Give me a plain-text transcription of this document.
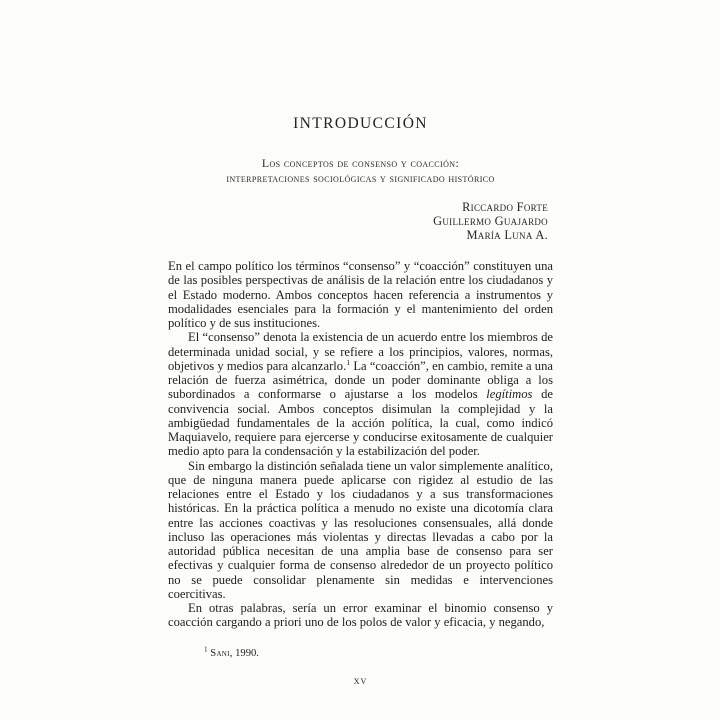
INTRODUCCIÓN
Los conceptos de consenso y coacción:
interpretaciones sociológicas y significado histórico
Riccardo Forte
Guillermo Guajardo
María Luna A.

En el campo político los términos “consenso” y “coacción” constituyen una de las posibles perspectivas de análisis de la relación entre los ciudadanos y el Estado moderno. Ambos conceptos hacen referencia a instrumentos y modalidades esenciales para la formación y el mantenimiento del orden político y de sus instituciones.

El “consenso” denota la existencia de un acuerdo entre los miembros de determinada unidad social, y se refiere a los principios, valores, normas, objetivos y medios para alcanzarlo.$^1$ La “coacción”, en cambio, remite a una relación de fuerza asimétrica, donde un poder dominante obliga a los subordinados a conformarse o ajustarse a los modelos legítimos de convivencia social. Ambos conceptos disimulan la complejidad y la ambigüedad fundamentales de la acción política, la cual, como indicó Maquiavelo, requiere para ejercerse y conducirse exitosamente de cualquier medio apto para la condensación y la estabilización del poder.

Sin embargo la distinción señalada tiene un valor simplemente analítico, que de ninguna manera puede aplicarse con rigidez al estudio de las relaciones entre el Estado y los ciudadanos y a sus transformaciones históricas. En la práctica política a menudo no existe una dicotomía clara entre las acciones coactivas y las resoluciones consensuales, allá donde incluso las operaciones más violentas y directas llevadas a cabo por la autoridad pública necesitan de una amplia base de consenso para ser efectivas y cualquier forma de consenso alrededor de un proyecto político no se puede consolidar plenamente sin medidas e intervenciones coercitivas.

En otras palabras, sería un error examinar el binomio consenso y coacción cargando a priori uno de los polos de valor y eficacia, y negando,

$^1$ Sani, 1990.
xv
